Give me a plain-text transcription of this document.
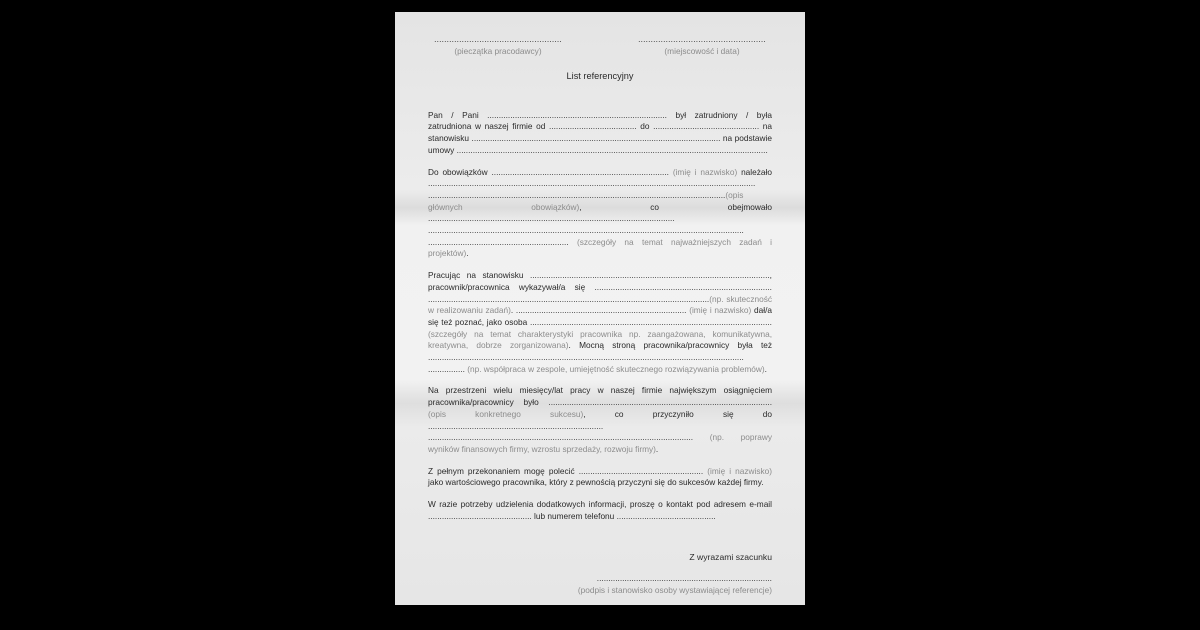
...................................................
(pieczątka pracodawcy)
...................................................
(miejscowość i data)
List referencyjny
Pan / Pani .............................................................................. był zatrudniony / była zatrudniona w naszej firmie od ...................................... do .............................................. na stanowisku ............................................................................................................ na podstawie umowy .......................................................................................................................................
Do obowiązków ............................................................................. (imię i nazwisko) należało .............................................................................................................................................. .................................................................................................................................(opis głównych obowiązków), co obejmowało ........................................................................................................... ......................................................................................................................................... ............................................................. (szczegóły na temat najważniejszych zadań i projektów).
Pracując na stanowisku ........................................................................................................, pracownik/pracownica wykazywał/a się ............................................................................. ..........................................................................................................................(np. skuteczność w realizowaniu zadań). .......................................................................... (imię i nazwisko) dał/a się też poznać, jako osoba ......................................................................................................... (szczegóły na temat charakterystyki pracownika np. zaangażowana, komunikatywna, kreatywna, dobrze zorganizowana). Mocną stroną pracownika/pracownicy była też ......................................................................................................................................... ................ (np. współpraca w zespole, umiejętność skutecznego rozwiązywania problemów).
Na przestrzeni wielu miesięcy/lat pracy w naszej firmie największym osiągnięciem pracownika/pracownicy było ................................................................................................. (opis konkretnego sukcesu), co przyczyniło się do ............................................................................ ................................................................................................................... (np. poprawy wyników finansowych firmy, wzrostu sprzedaży, rozwoju firmy).
Z pełnym przekonaniem mogę polecić ...................................................... (imię i nazwisko) jako wartościowego pracownika, który z pewnością przyczyni się do sukcesów każdej firmy.
W razie potrzeby udzielenia dodatkowych informacji, proszę o kontakt pod adresem e-mail ............................................. lub numerem telefonu ...........................................
Z wyrazami szacunku
............................................................................
(podpis i stanowisko osoby wystawiającej referencje)
